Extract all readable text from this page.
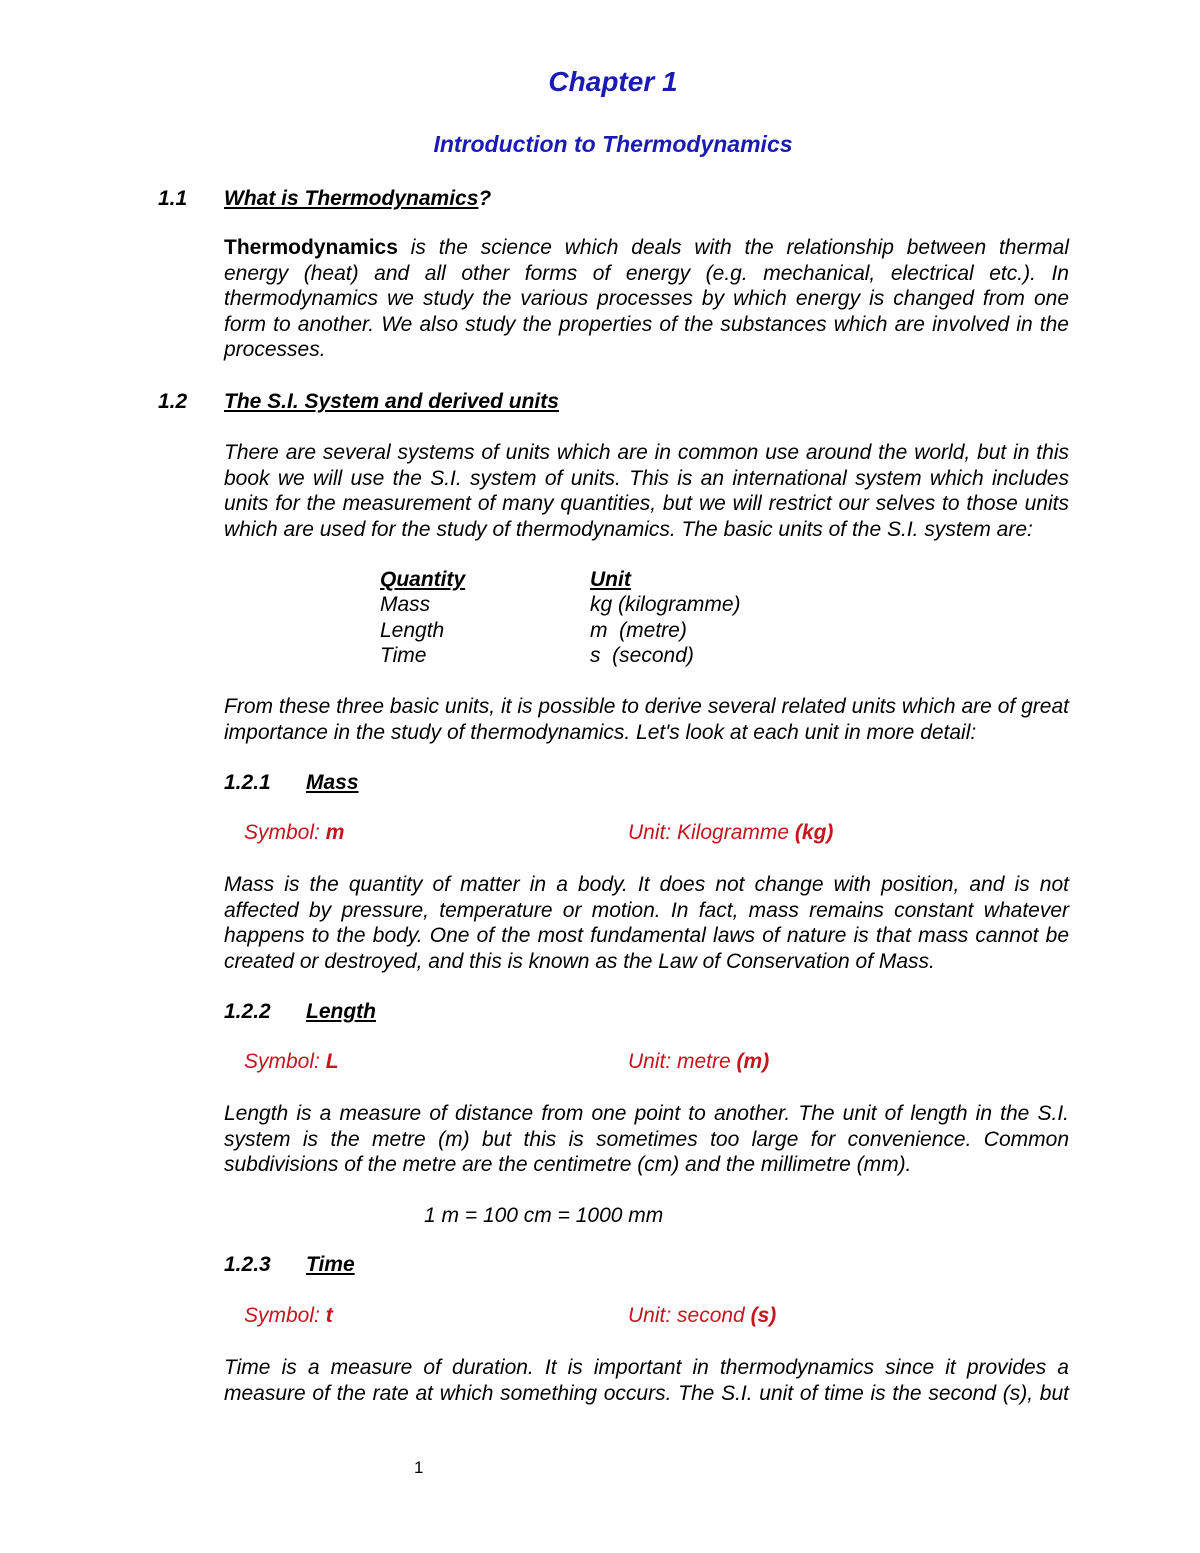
Chapter 1
Introduction to Thermodynamics
1.1 What is Thermodynamics?
Thermodynamics is the science which deals with the relationship between thermal energy (heat) and all other forms of energy (e.g. mechanical, electrical etc.). In thermodynamics we study the various processes by which energy is changed from one form to another. We also study the properties of the substances which are involved in the processes.
1.2 The S.I. System and derived units
There are several systems of units which are in common use around the world, but in this book we will use the S.I. system of units. This is an international system which includes units for the measurement of many quantities, but we will restrict our selves to those units which are used for the study of thermodynamics. The basic units of the S.I. system are:
Quantity	Unit
Mass	kg (kilogramme)
Length	m  (metre)
Time	s  (second)
From these three basic units, it is possible to derive several related units which are of great importance in the study of thermodynamics. Let's look at each unit in more detail:
1.2.1 Mass
Symbol: m	Unit: Kilogramme (kg)
Mass is the quantity of matter in a body. It does not change with position, and is not affected by pressure, temperature or motion. In fact, mass remains constant whatever happens to the body. One of the most fundamental laws of nature is that mass cannot be created or destroyed, and this is known as the Law of Conservation of Mass.
1.2.2 Length
Symbol: L	Unit: metre (m)
Length is a measure of distance from one point to another. The unit of length in the S.I. system is the metre (m) but this is sometimes too large for convenience. Common subdivisions of the metre are the centimetre (cm) and the millimetre (mm).
1 m = 100 cm = 1000 mm
1.2.3 Time
Symbol: t	Unit: second (s)
Time is a measure of duration. It is important in thermodynamics since it provides a measure of the rate at which something occurs. The S.I. unit of time is the second (s), but
1
